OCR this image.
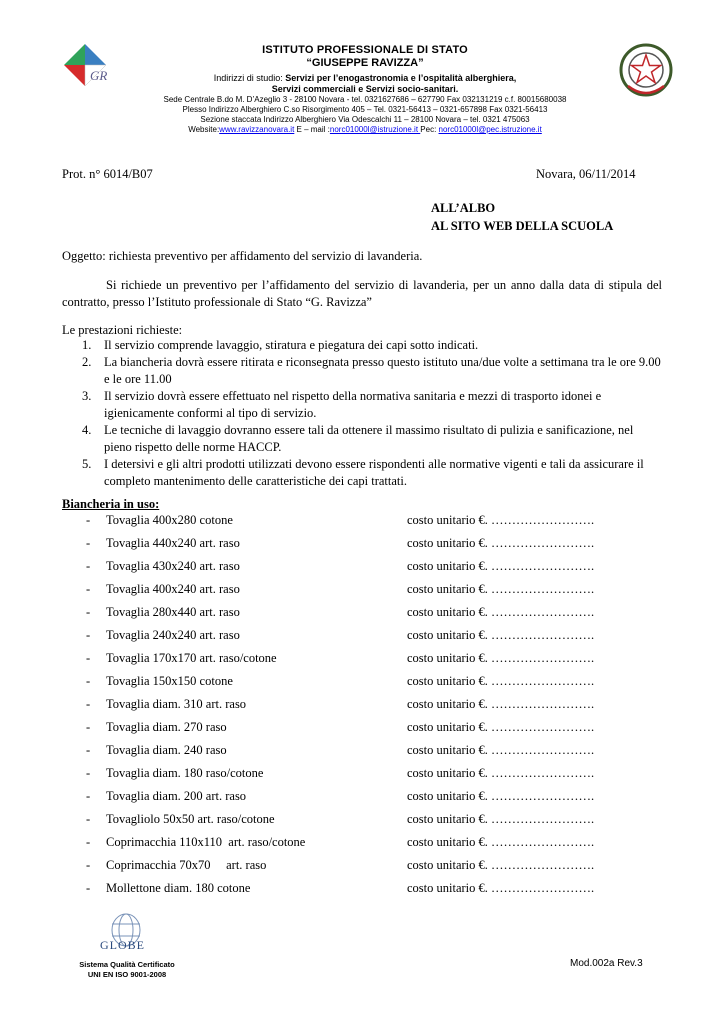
GR
ISTITUTO PROFESSIONALE DI STATO
“GIUSEPPE RAVIZZA”
Indirizzi di studio: Servizi per l’enogastronomia e l’ospitalità alberghiera,
Servizi commerciali e Servizi socio-sanitari.
Sede Centrale B.do M. D’Azeglio 3 - 28100 Novara - tel. 0321627686 – 627790 Fax 032131219 c.f. 80015680038
Plesso Indirizzo Alberghiero C.so Risorgimento 405 – Tel. 0321-56413 – 0321-657898 Fax 0321-56413
Sezione staccata Indirizzo Alberghiero Via Odescalchi 11 – 28100 Novara – tel. 0321 475063
Website:www.ravizzanovara.it E – mail :norc01000l@istruzione.it Pec: norc01000l@pec.istruzione.it
Prot. n° 6014/B07	Novara, 06/11/2014
ALL’ALBO
AL SITO WEB DELLA SCUOLA
Oggetto: richiesta preventivo per affidamento del servizio di lavanderia.
Si richiede un preventivo per l’affidamento del servizio di lavanderia, per un anno dalla data di stipula del contratto, presso l’Istituto professionale di Stato “G. Ravizza”
Le prestazioni richieste:
1. Il servizio comprende lavaggio, stiratura e piegatura dei capi sotto indicati.
2. La biancheria dovrà essere ritirata e riconsegnata presso questo istituto una/due volte a settimana tra le ore 9.00 e le ore 11.00
3. Il servizio dovrà essere effettuato nel rispetto della normativa sanitaria e mezzi di trasporto idonei e igienicamente conformi al tipo di servizio.
4. Le tecniche di lavaggio dovranno essere tali da ottenere il massimo risultato di pulizia e sanificazione, nel pieno rispetto delle norme HACCP.
5. I detersivi e gli altri prodotti utilizzati devono essere rispondenti alle normative vigenti e tali da assicurare il completo mantenimento delle caratteristiche dei capi trattati.
Biancheria in uso:
- Tovaglia 400x280 cotone	costo unitario €. …………………….
- Tovaglia 440x240 art. raso	costo unitario €. …………………….
- Tovaglia 430x240 art. raso	costo unitario €. …………………….
- Tovaglia 400x240 art. raso	costo unitario €. …………………….
- Tovaglia 280x440 art. raso	costo unitario €. …………………….
- Tovaglia 240x240 art. raso	costo unitario €. …………………….
- Tovaglia 170x170 art. raso/cotone	costo unitario €. …………………….
- Tovaglia 150x150 cotone	costo unitario €. …………………….
- Tovaglia diam. 310 art. raso	costo unitario €. …………………….
- Tovaglia diam. 270 raso	costo unitario €. …………………….
- Tovaglia diam. 240 raso	costo unitario €. …………………….
- Tovaglia diam. 180 raso/cotone	costo unitario €. …………………….
- Tovaglia diam. 200 art. raso	costo unitario €. …………………….
- Tovagliolo 50x50 art. raso/cotone	costo unitario €. …………………….
- Coprimacchia 110x110  art. raso/cotone	costo unitario €. …………………….
- Coprimacchia 70x70     art. raso	costo unitario €. …………………….
- Mollettone diam. 180 cotone	costo unitario €. …………………….
GLOBE
Sistema Qualità Certificato
UNI EN ISO 9001-2008
Mod.002a Rev.3
